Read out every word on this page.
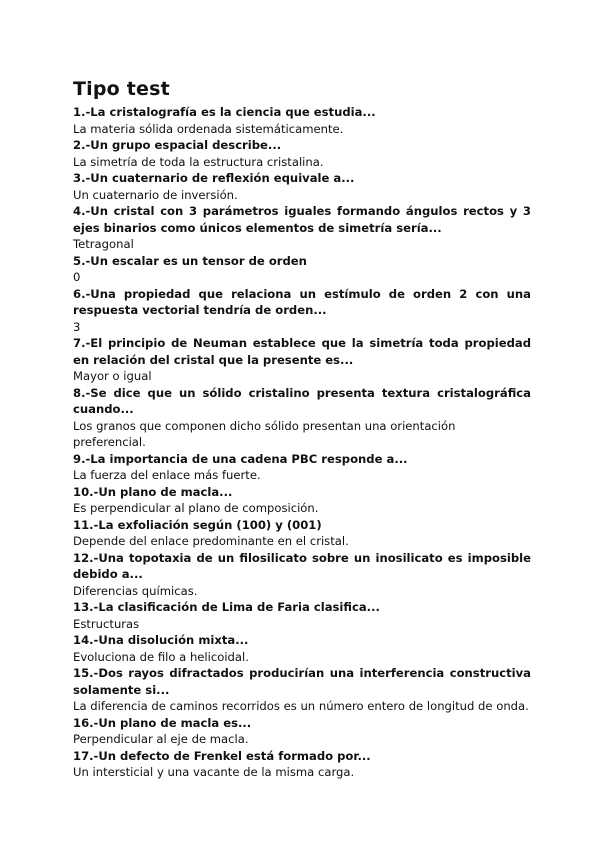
Tipo test

1.-La cristalografía es la ciencia que estudia...

La materia sólida ordenada sistemáticamente.

2.-Un grupo espacial describe...

La simetría de toda la estructura cristalina.

3.-Un cuaternario de reflexión equivale a...

Un cuaternario de inversión.

4.-Un cristal con 3 parámetros iguales formando ángulos rectos y 3 ejes binarios como únicos elementos de simetría sería...

Tetragonal

5.-Un escalar es un tensor de orden

0

6.-Una propiedad que relaciona un estímulo de orden 2 con una respuesta vectorial tendría de orden...

3

7.-El principio de Neuman establece que la simetría toda propiedad en relación del cristal que la presente es...

Mayor o igual

8.-Se dice que un sólido cristalino presenta textura cristalográfica cuando...

Los granos que componen dicho sólido presentan una orientación preferencial.

9.-La importancia de una cadena PBC responde a...

La fuerza del enlace más fuerte.

10.-Un plano de macla...

Es perpendicular al plano de composición.

11.-La exfoliación según (100) y (001)

Depende del enlace predominante en el cristal.

12.-Una topotaxia de un filosilicato sobre un inosilicato es imposible debido a...

Diferencias químicas.

13.-La clasificación de Lima de Faria clasifica...

Estructuras

14.-Una disolución mixta...

Evoluciona de filo a helicoidal.

15.-Dos rayos difractados producirían una interferencia constructiva solamente si...

La diferencia de caminos recorridos es un número entero de longitud de onda.

16.-Un plano de macla es...

Perpendicular al eje de macla.

17.-Un defecto de Frenkel está formado por...

Un intersticial y una vacante de la misma carga.
